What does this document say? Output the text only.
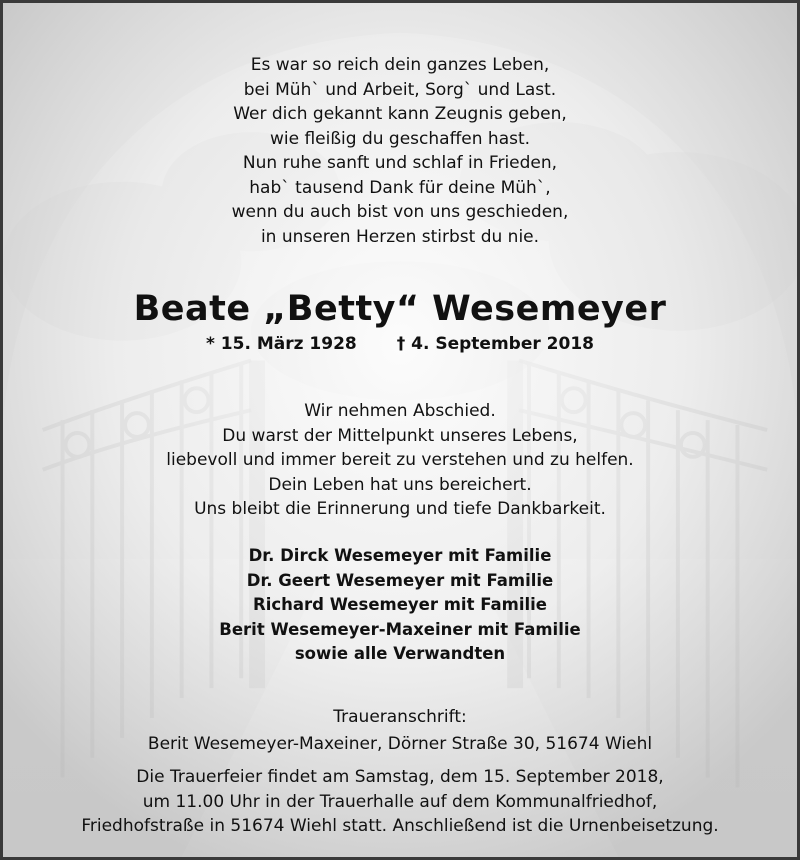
Es war so reich dein ganzes Leben,
bei Müh` und Arbeit, Sorg` und Last.
Wer dich gekannt kann Zeugnis geben,
wie fleißig du geschaffen hast.
Nun ruhe sanft und schlaf in Frieden,
hab` tausend Dank für deine Müh`,
wenn du auch bist von uns geschieden,
in unseren Herzen stirbst du nie.
Beate „Betty“ Wesemeyer
* 15. März 1928 † 4. September 2018
Wir nehmen Abschied.
Du warst der Mittelpunkt unseres Lebens,
liebevoll und immer bereit zu verstehen und zu helfen.
Dein Leben hat uns bereichert.
Uns bleibt die Erinnerung und tiefe Dankbarkeit.
Dr. Dirck Wesemeyer mit Familie
Dr. Geert Wesemeyer mit Familie
Richard Wesemeyer mit Familie
Berit Wesemeyer-Maxeiner mit Familie
sowie alle Verwandten
Traueranschrift:
Berit Wesemeyer-Maxeiner, Dörner Straße 30, 51674 Wiehl
Die Trauerfeier findet am Samstag, dem 15. September 2018,
um 11.00 Uhr in der Trauerhalle auf dem Kommunalfriedhof,
Friedhofstraße in 51674 Wiehl statt. Anschließend ist die Urnenbeisetzung.
